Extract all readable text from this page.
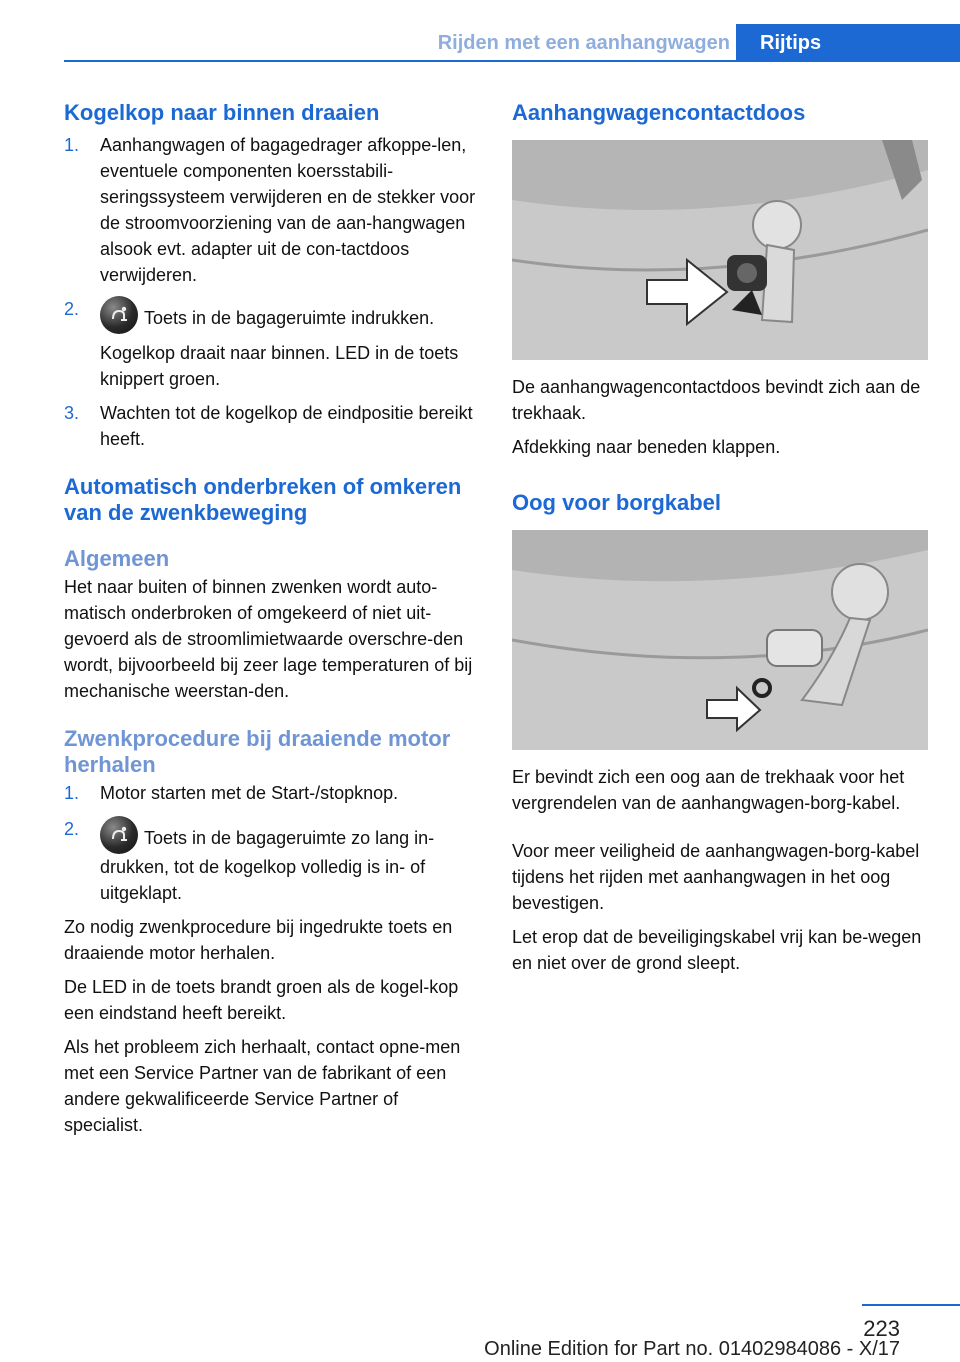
Rijden met een aanhangwagen	Rijtips
Kogelkop naar binnen draaien
1. Aanhangwagen of bagagedrager afkoppe-len, eventuele componenten koersstabili-seringssysteem verwijderen en de stekker voor de stroomvoorziening van de aan-hangwagen alsook evt. adapter uit de con-tactdoos verwijderen.
2.	Toets in de bagageruimte indrukken.

Kogelkop draait naar binnen. LED in de toets knippert groen.

3. Wachten tot de kogelkop de eindpositie bereikt heeft.
Automatisch onderbreken of omkeren van de zwenkbeweging
Algemeen

Het naar buiten of binnen zwenken wordt auto-matisch onderbroken of omgekeerd of niet uit-gevoerd als de stroomlimietwaarde overschre-den wordt, bijvoorbeeld bij zeer lage temperaturen of bij mechanische weerstan-den.

Zwenkprocedure bij draaiende motor herhalen
1. Motor starten met de Start-/stopknop.
2.	Toets in de bagageruimte zo lang in-drukken, tot de kogelkop volledig is in- of uitgeklapt.

Zo nodig zwenkprocedure bij ingedrukte toets en draaiende motor herhalen.

De LED in de toets brandt groen als de kogel-kop een eindstand heeft bereikt.

Als het probleem zich herhaalt, contact opne-men met een Service Partner van de fabrikant of een andere gekwalificeerde Service Partner of specialist.

Aanhangwagencontactdoos

De aanhangwagencontactdoos bevindt zich aan de trekhaak.

Afdekking naar beneden klappen.

Oog voor borgkabel

Er bevindt zich een oog aan de trekhaak voor het vergrendelen van de aanhangwagen-borg-kabel.

Voor meer veiligheid de aanhangwagen-borg-kabel tijdens het rijden met aanhangwagen in het oog bevestigen.

Let erop dat de beveiligingskabel vrij kan be-wegen en niet over de grond sleept.

223
Online Edition for Part no. 01402984086 - X/17
